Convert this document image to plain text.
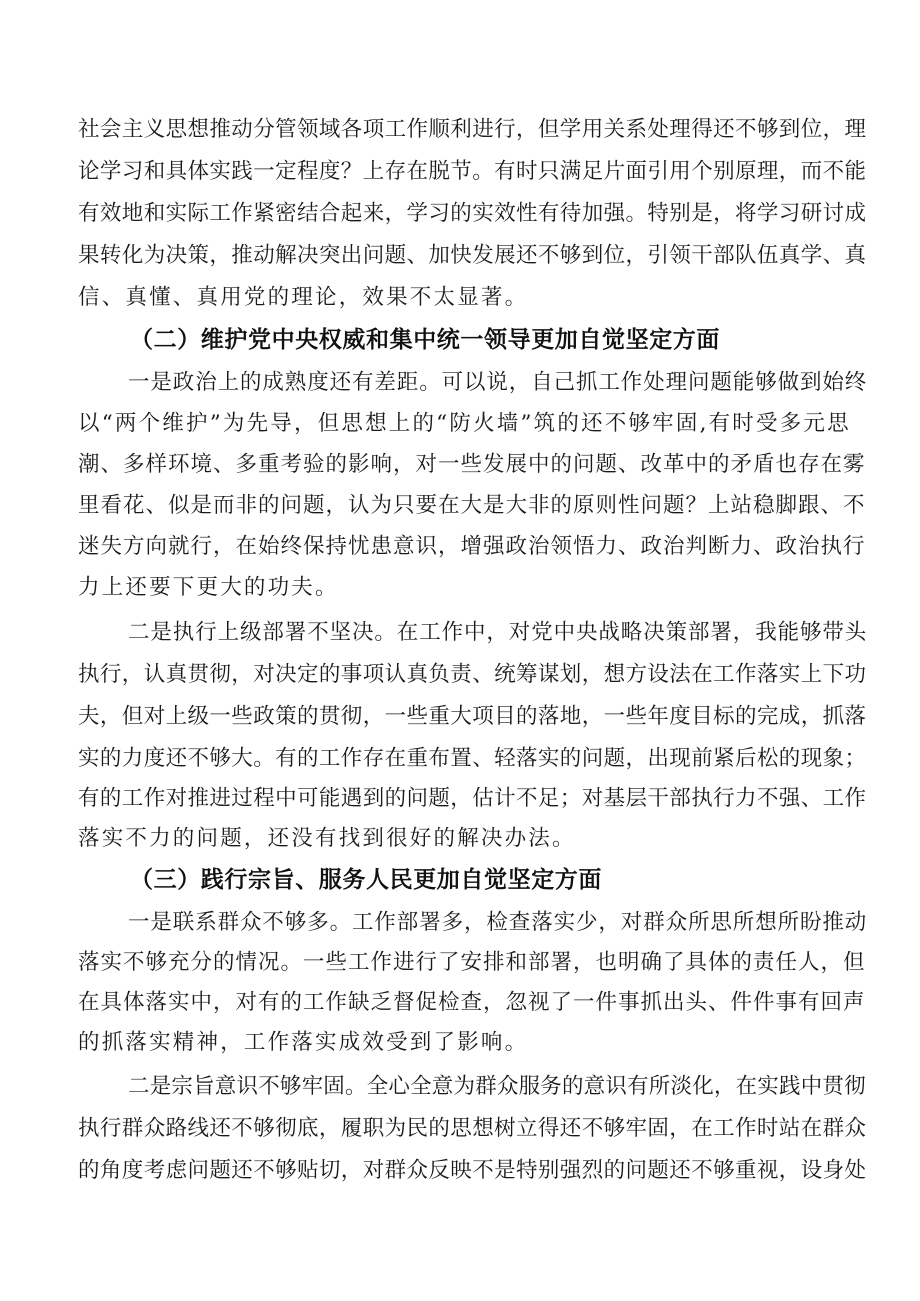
社会主义思想推动分管领域各项工作顺利进行，但学用关系处理得还不够到位，理
论学习和具体实践一定程度？上存在脱节。有时只满足片面引用个别原理，而不能
有效地和实际工作紧密结合起来，学习的实效性有待加强。特别是，将学习研讨成
果转化为决策，推动解决突出问题、加快发展还不够到位，引领干部队伍真学、真
信、真懂、真用党的理论，效果不太显著。
（二）维护党中央权威和集中统一领导更加自觉坚定方面
一是政治上的成熟度还有差距。可以说，自己抓工作处理问题能够做到始终
以“两个维护”为先导，但思想上的“防火墙”筑的还不够牢固,有时受多元思
潮、多样环境、多重考验的影响，对一些发展中的问题、改革中的矛盾也存在雾
里看花、似是而非的问题，认为只要在大是大非的原则性问题？上站稳脚跟、不
迷失方向就行，在始终保持忧患意识，增强政治领悟力、政治判断力、政治执行
力上还要下更大的功夫。
二是执行上级部署不坚决。在工作中，对党中央战略决策部署，我能够带头
执行，认真贯彻，对决定的事项认真负责、统筹谋划，想方设法在工作落实上下功
夫，但对上级一些政策的贯彻，一些重大项目的落地，一些年度目标的完成，抓落
实的力度还不够大。有的工作存在重布置、轻落实的问题，出现前紧后松的现象；
有的工作对推进过程中可能遇到的问题，估计不足；对基层干部执行力不强、工作
落实不力的问题，还没有找到很好的解决办法。
（三）践行宗旨、服务人民更加自觉坚定方面
一是联系群众不够多。工作部署多，检查落实少，对群众所思所想所盼推动
落实不够充分的情况。一些工作进行了安排和部署，也明确了具体的责任人，但
在具体落实中，对有的工作缺乏督促检查，忽视了一件事抓出头、件件事有回声
的抓落实精神，工作落实成效受到了影响。
二是宗旨意识不够牢固。全心全意为群众服务的意识有所淡化，在实践中贯彻
执行群众路线还不够彻底，履职为民的思想树立得还不够牢固，在工作时站在群众
的角度考虑问题还不够贴切，对群众反映不是特别强烈的问题还不够重视，设身处
